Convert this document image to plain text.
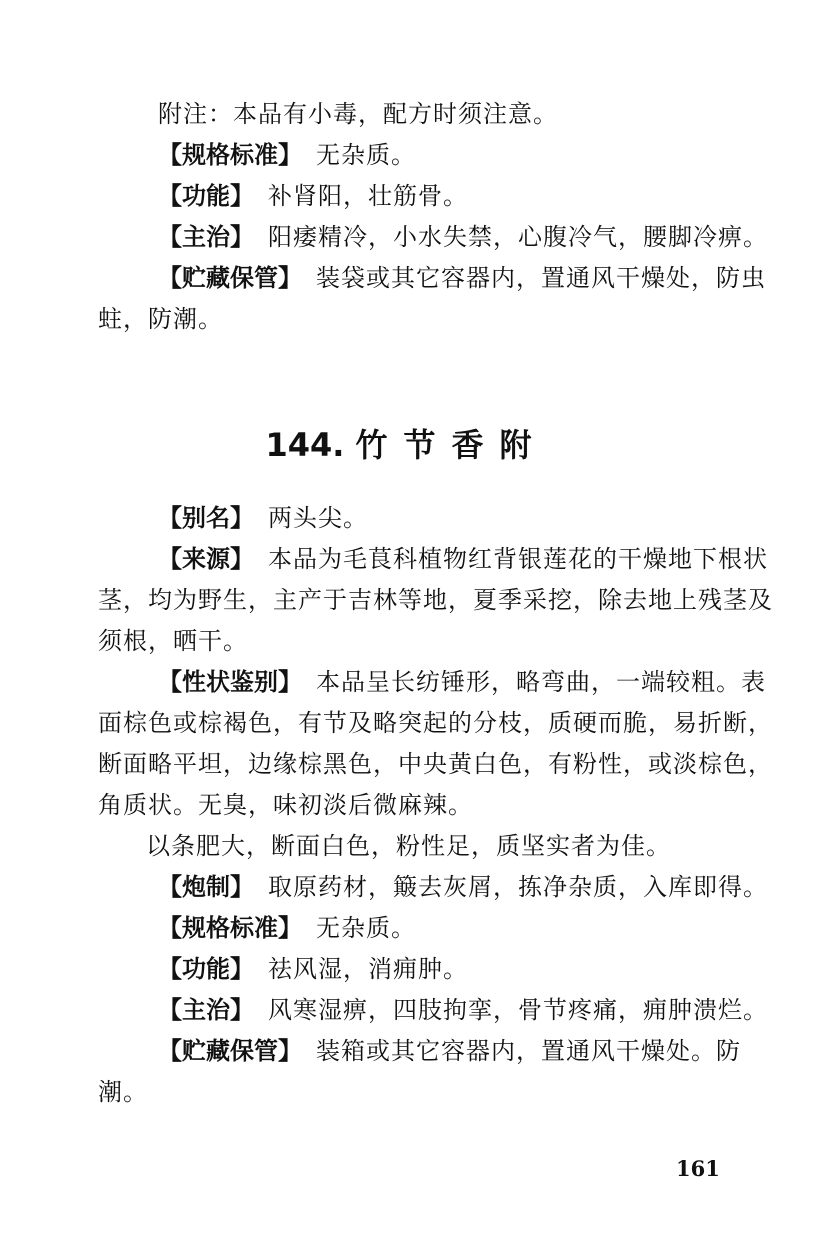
附注：本品有小毒，配方时须注意。

【规格标准】 无杂质。

【功能】 补肾阳，壮筋骨。

【主治】 阳痿精冷，小水失禁，心腹冷气，腰脚冷痹。

【贮藏保管】 装袋或其它容器内，置通风干燥处，防虫蛀，防潮。

144. 竹节香附

【别名】 两头尖。

【来源】 本品为毛茛科植物红背银莲花的干燥地下根状茎，均为野生，主产于吉林等地，夏季采挖，除去地上残茎及须根，晒干。

【性状鉴别】 本品呈长纺锤形，略弯曲，一端较粗。表面棕色或棕褐色，有节及略突起的分枝，质硬而脆，易折断，断面略平坦，边缘棕黑色，中央黄白色，有粉性，或淡棕色，角质状。无臭，味初淡后微麻辣。

以条肥大，断面白色，粉性足，质坚实者为佳。

【炮制】 取原药材，簸去灰屑，拣净杂质，入库即得。

【规格标准】 无杂质。

【功能】 祛风湿，消痈肿。

【主治】 风寒湿痹，四肢拘挛，骨节疼痛，痈肿溃烂。

【贮藏保管】 装箱或其它容器内，置通风干燥处。防潮。

161
